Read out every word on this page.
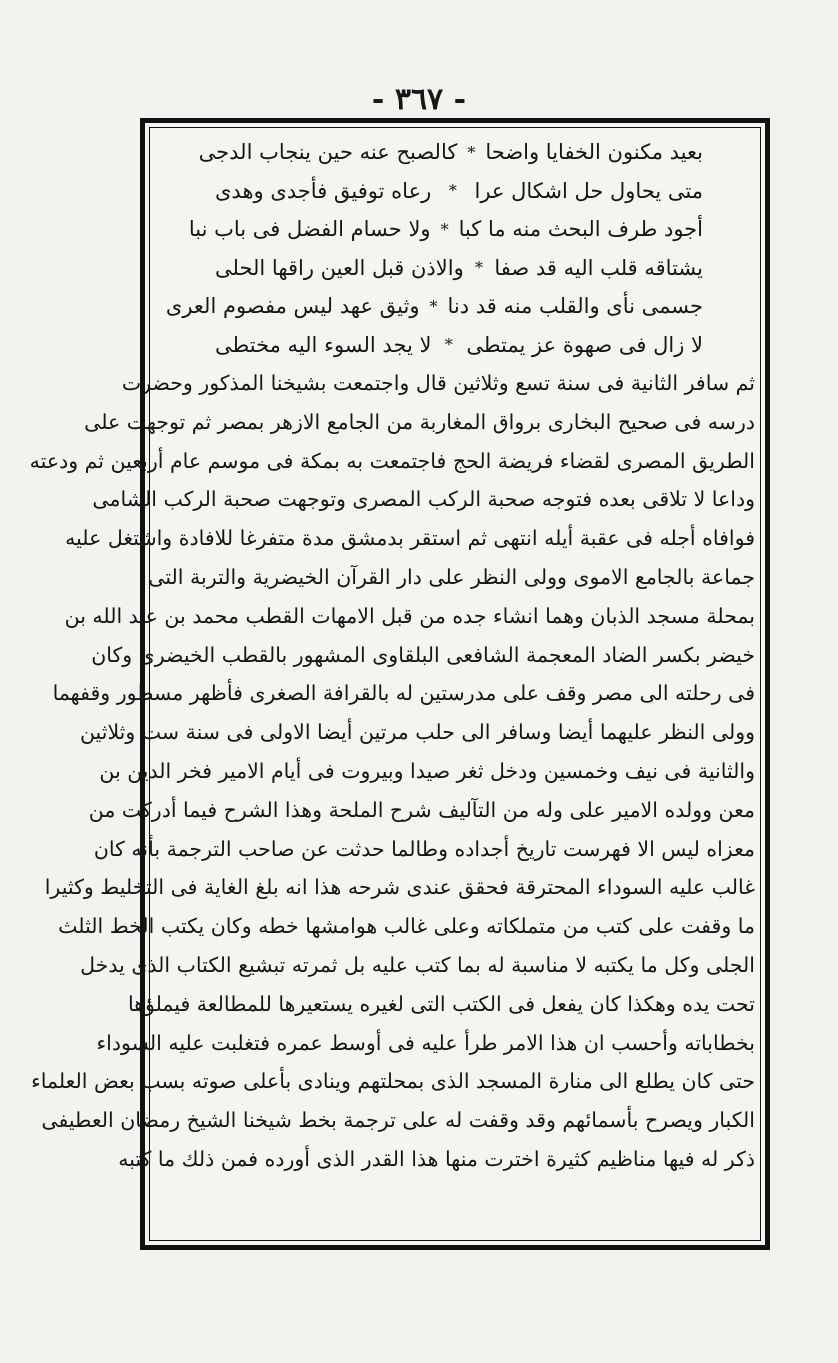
- ٣٦٧ -
بعيد مكنون الخفايا واضحا
*
كالصبح عنه حين ينجاب الدجى
متى يحاول حل اشكال عرا
*
رعاه توفيق فأجدى وهدى
أجود طرف البحث منه ما كبا
*
ولا حسام الفضل فى باب نبا
يشتاقه قلب اليه قد صفا
*
والاذن قبل العين راقها الحلى
جسمى نأى والقلب منه قد دنا
*
وثيق عهد ليس مفصوم العرى
لا زال فى صهوة عز يمتطى
*
لا يجد السوء اليه مختطى
ثم سافر الثانية فى سنة تسع وثلاثين قال واجتمعت بشيخنا المذكور وحضرت
درسه فى صحيح البخارى برواق المغاربة من الجامع الازهر بمصر ثم توجهت على
الطريق المصرى لقضاء فريضة الحج فاجتمعت به بمكة فى موسم عام أربعين ثم ودعته
وداعا لا تلاقى بعده فتوجه صحبة الركب المصرى وتوجهت صحبة الركب الشامى
فوافاه أجله فى عقبة أيله انتهى ثم استقر بدمشق مدة متفرغا للافادة واشتغل عليه
جماعة بالجامع الاموى وولى النظر على دار القرآن الخيضرية والتربة التى
بمحلة مسجد الذبان وهما انشاء جده من قبل الامهات القطب محمد بن عبد الله بن
خيضر بكسر الضاد المعجمة الشافعى البلقاوى المشهور بالقطب الخيضرى وكان
فى رحلته الى مصر وقف على مدرستين له بالقرافة الصغرى فأظهر مسطور وقفهما
وولى النظر عليهما أيضا وسافر الى حلب مرتين أيضا الاولى فى سنة ست وثلاثين
والثانية فى نيف وخمسين ودخل ثغر صيدا وبيروت فى أيام الامير فخر الدين بن
معن وولده الامير على وله من التآليف شرح الملحة وهذا الشرح فيما أدركت من
معزاه ليس الا فهرست تاريخ أجداده وطالما حدثت عن صاحب الترجمة بأنه كان
غالب عليه السوداء المحترقة فحقق عندى شرحه هذا انه بلغ الغاية فى التخليط وكثيرا
ما وقفت على كتب من متملكاته وعلى غالب هوامشها خطه وكان يكتب الخط الثلث
الجلى وكل ما يكتبه لا مناسبة له بما كتب عليه بل ثمرته تبشيع الكتاب الذى يدخل
تحت يده وهكذا كان يفعل فى الكتب التى لغيره يستعيرها للمطالعة فيملؤها
بخطاباته وأحسب ان هذا الامر طرأ عليه فى أوسط عمره فتغلبت عليه السوداء
حتى كان يطلع الى منارة المسجد الذى بمحلتهم وينادى بأعلى صوته بسب بعض العلماء
الكبار ويصرح بأسمائهم وقد وقفت له على ترجمة بخط شيخنا الشيخ رمضان العطيفى
ذكر له فيها مناظيم كثيرة اخترت منها هذا القدر الذى أورده فمن ذلك ما كتبه
